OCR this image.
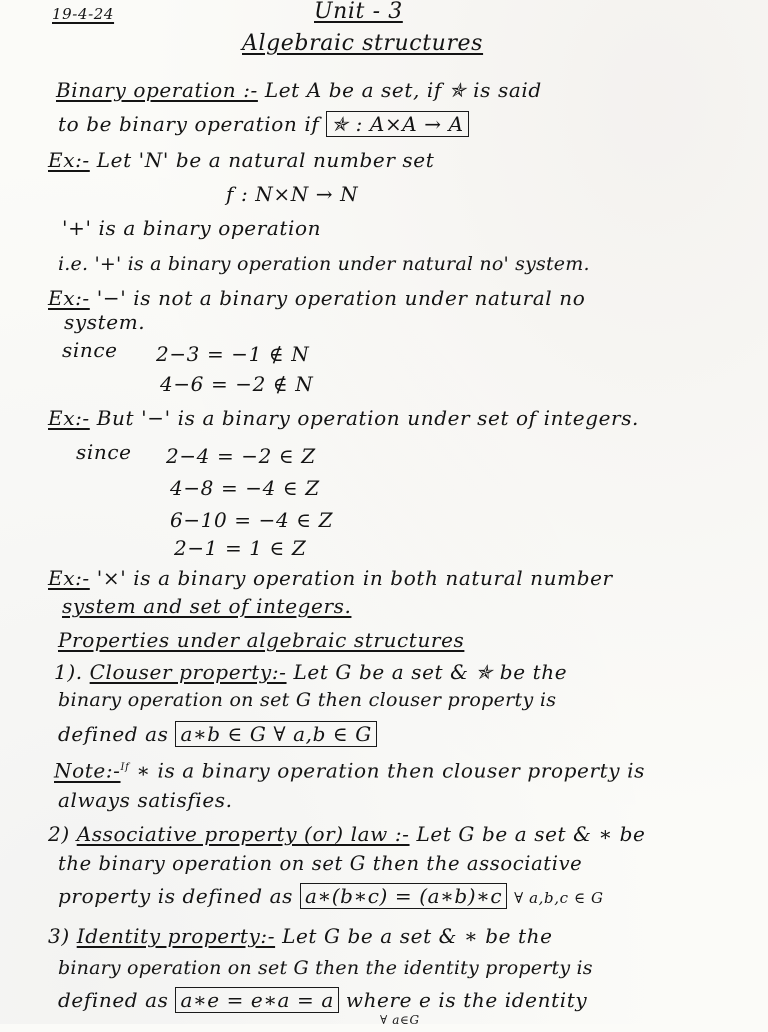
19-4-24	Unit - 3
Algebraic structures
Binary operation :- Let A be a set, if ✯ is said
to be binary operation if ✯ : A×A → A
Ex:- Let 'N' be a natural number set
f : N×N → N
'+' is a binary operation
i.e. '+' is a binary operation under natural no' system.
Ex:- '−' is not a binary operation under natural no
system.
since 2−3 = −1 ∉ N
4−6 = −2 ∉ N
Ex:- But '−' is a binary operation under set of integers.
since 2−4 = −2 ∈ Z
4−8 = −4 ∈ Z
6−10 = −4 ∈ Z
2−1 = 1 ∈ Z
Ex:- '×' is a binary operation in both natural number
system and set of integers.
Properties under algebraic structures
1). Clouser property:- Let G be a set & ✯ be the
binary operation on set G then clouser property is
defined as a∗b ∈ G ∀ a,b ∈ G
Note:-$^{If}$ ∗ is a binary operation then clouser property is
always satisfies.
2) Associative property (or) law :- Let G be a set & ∗ be
the binary operation on set G then the associative
property is defined as a∗(b∗c) = (a∗b)∗c ∀ a,b,c ∈ G
3) Identity property:- Let G be a set & ∗ be the
binary operation on set G then the identity property is
defined as a∗e = e∗a = a where e is the identity
∀ a∈G
